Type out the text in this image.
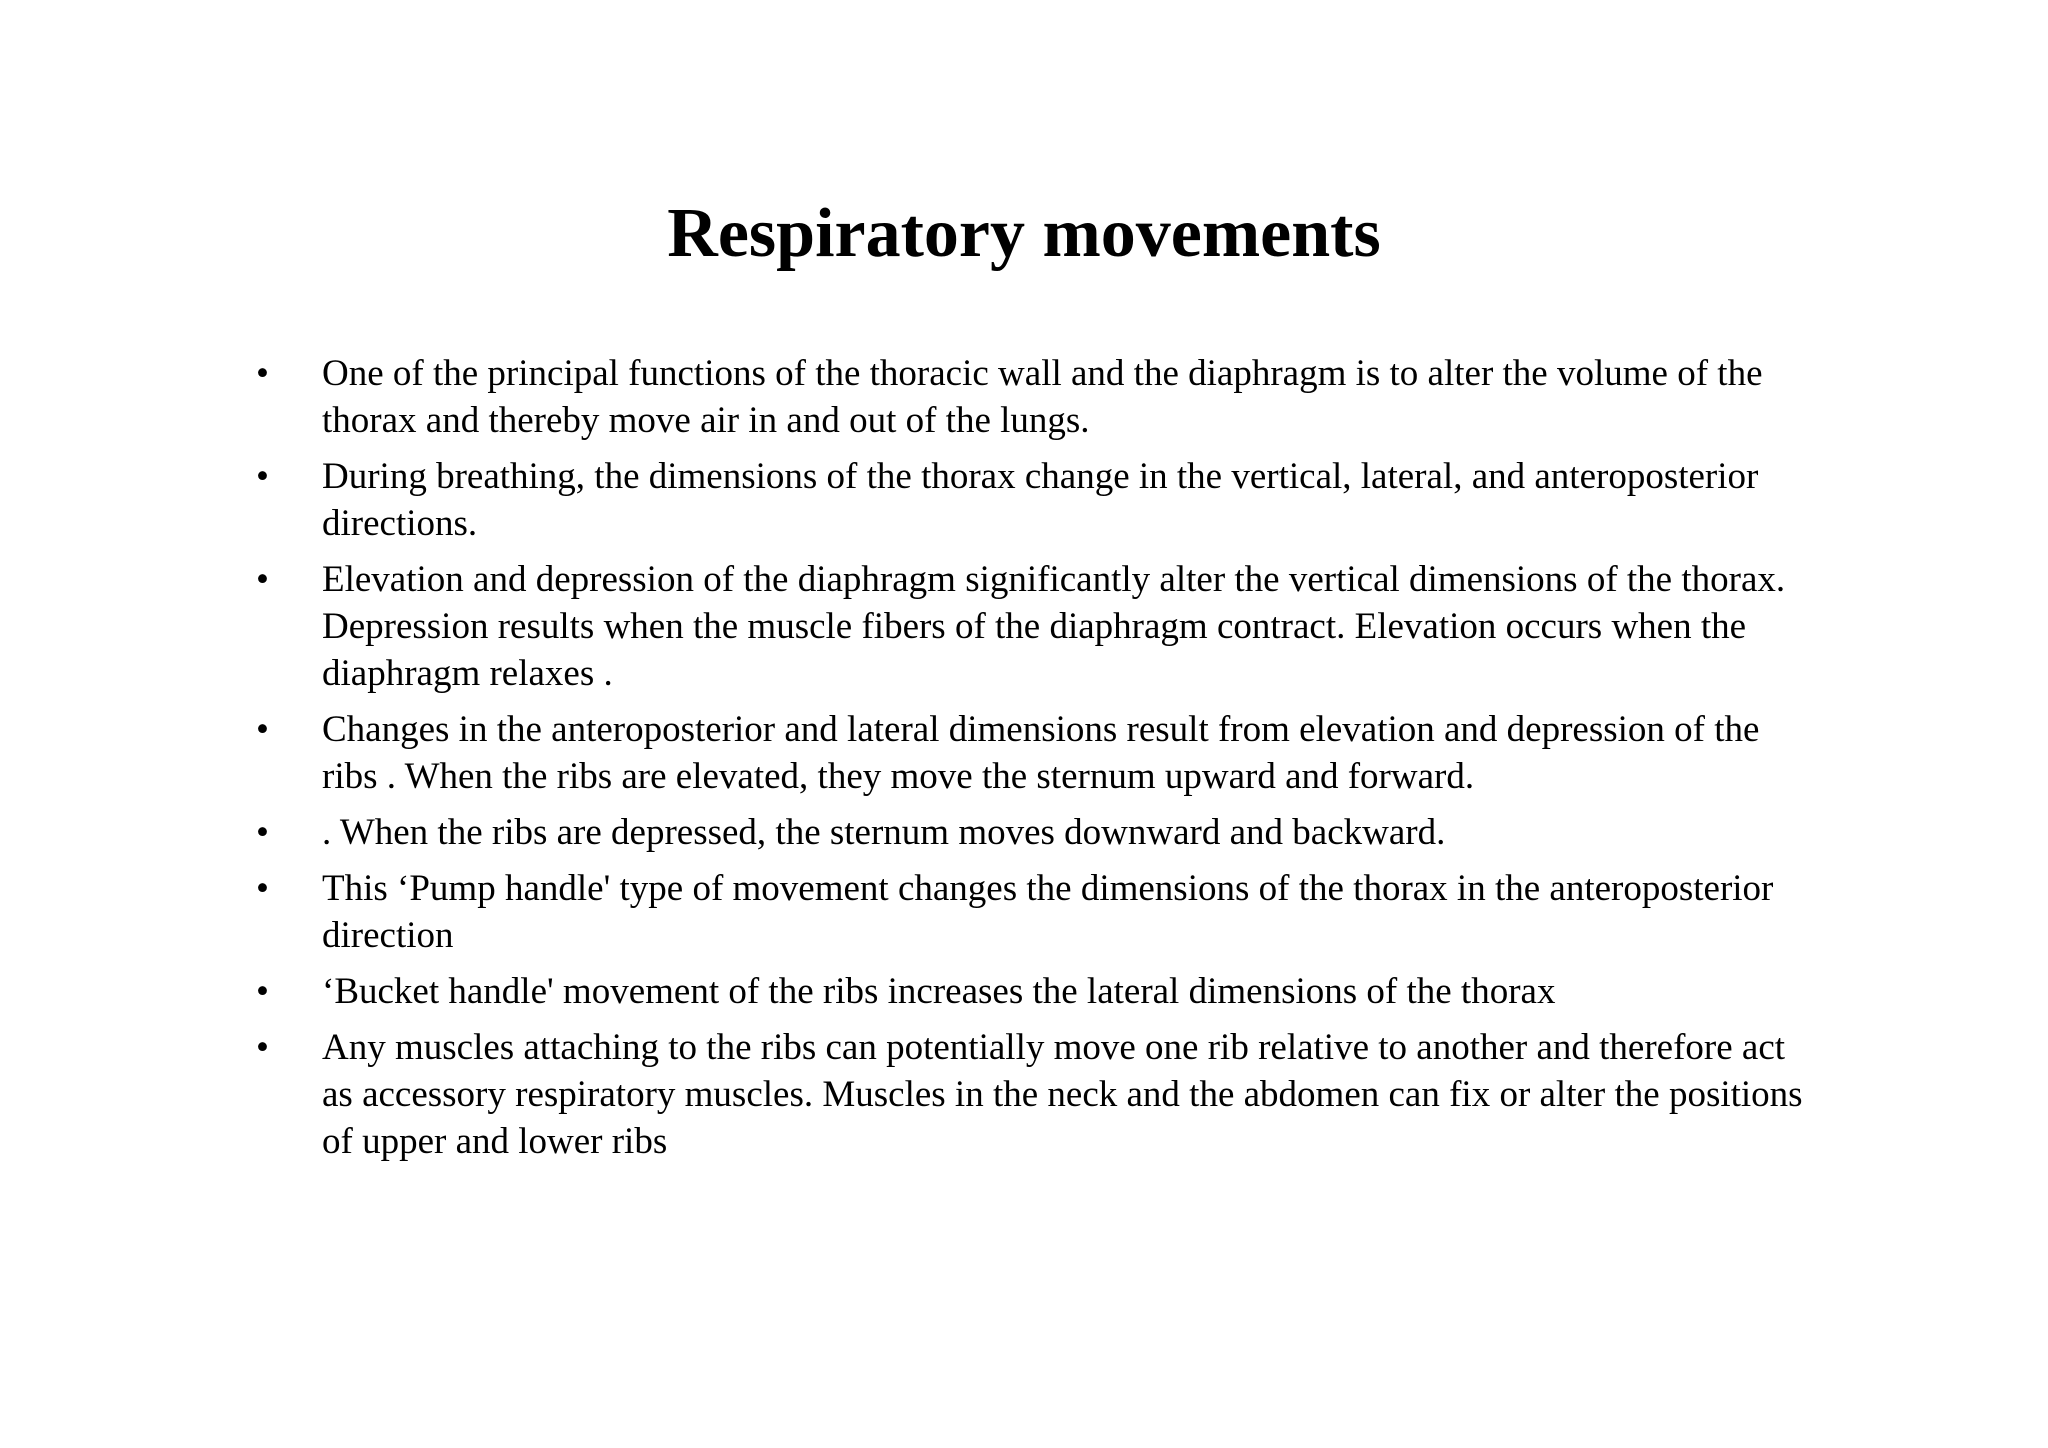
Respiratory movements
•	One of the principal functions of the thoracic wall and the diaphragm is to alter the volume of the thorax and thereby move air in and out of the lungs.
•	During breathing, the dimensions of the thorax change in the vertical, lateral, and anteroposterior directions.
•	Elevation and depression of the diaphragm significantly alter the vertical dimensions of the thorax. Depression results when the muscle fibers of the diaphragm contract. Elevation occurs when the diaphragm relaxes .
•	Changes in the anteroposterior and lateral dimensions result from elevation and depression of the ribs . When the ribs are elevated, they move the sternum upward and forward.
•	. When the ribs are depressed, the sternum moves downward and backward.
•	This ‘Pump handle' type of movement changes the dimensions of the thorax in the anteroposterior direction
•	‘Bucket handle' movement of the ribs increases the lateral dimensions of the thorax
•	Any muscles attaching to the ribs can potentially move one rib relative to another and therefore act as accessory respiratory muscles. Muscles in the neck and the abdomen can fix or alter the positions of upper and lower ribs
